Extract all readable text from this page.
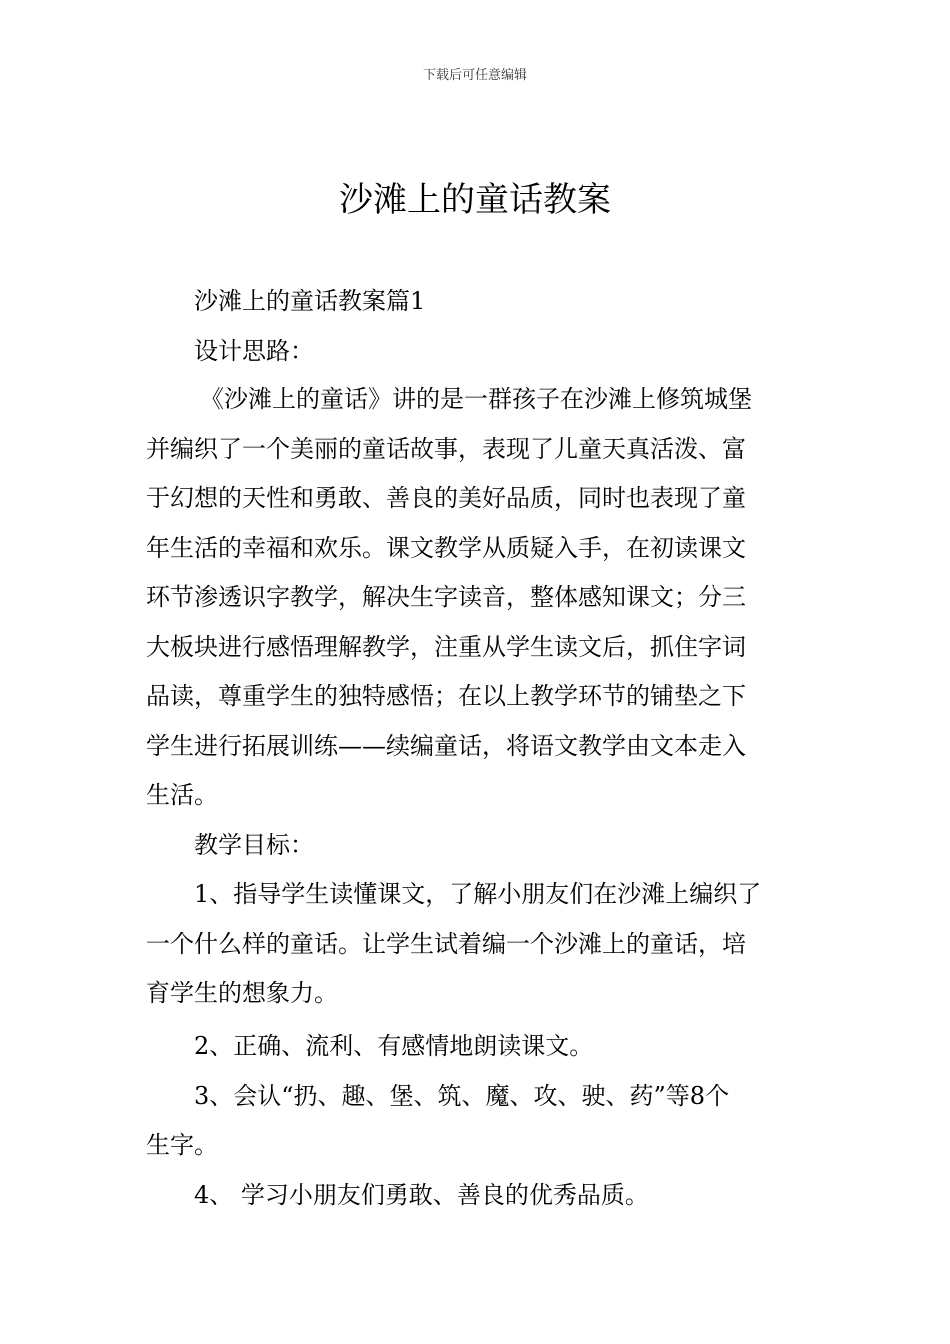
下载后可任意编辑
沙滩上的童话教案
沙滩上的童话教案篇1
设计思路：
《沙滩上的童话》讲的是一群孩子在沙滩上修筑城堡
并编织了一个美丽的童话故事，表现了儿童天真活泼、富
于幻想的天性和勇敢、善良的美好品质，同时也表现了童
年生活的幸福和欢乐。课文教学从质疑入手，在初读课文
环节渗透识字教学，解决生字读音，整体感知课文；分三
大板块进行感悟理解教学，注重从学生读文后，抓住字词
品读，尊重学生的独特感悟；在以上教学环节的铺垫之下
学生进行拓展训练——续编童话，将语文教学由文本走入
生活。
教学目标：
1、指导学生读懂课文，了解小朋友们在沙滩上编织了
一个什么样的童话。让学生试着编一个沙滩上的童话，培
育学生的想象力。
2、正确、流利、有感情地朗读课文。
3、会认“扔、趣、堡、筑、魔、攻、驶、药”等8个
生字。
4、 学习小朋友们勇敢、善良的优秀品质。
